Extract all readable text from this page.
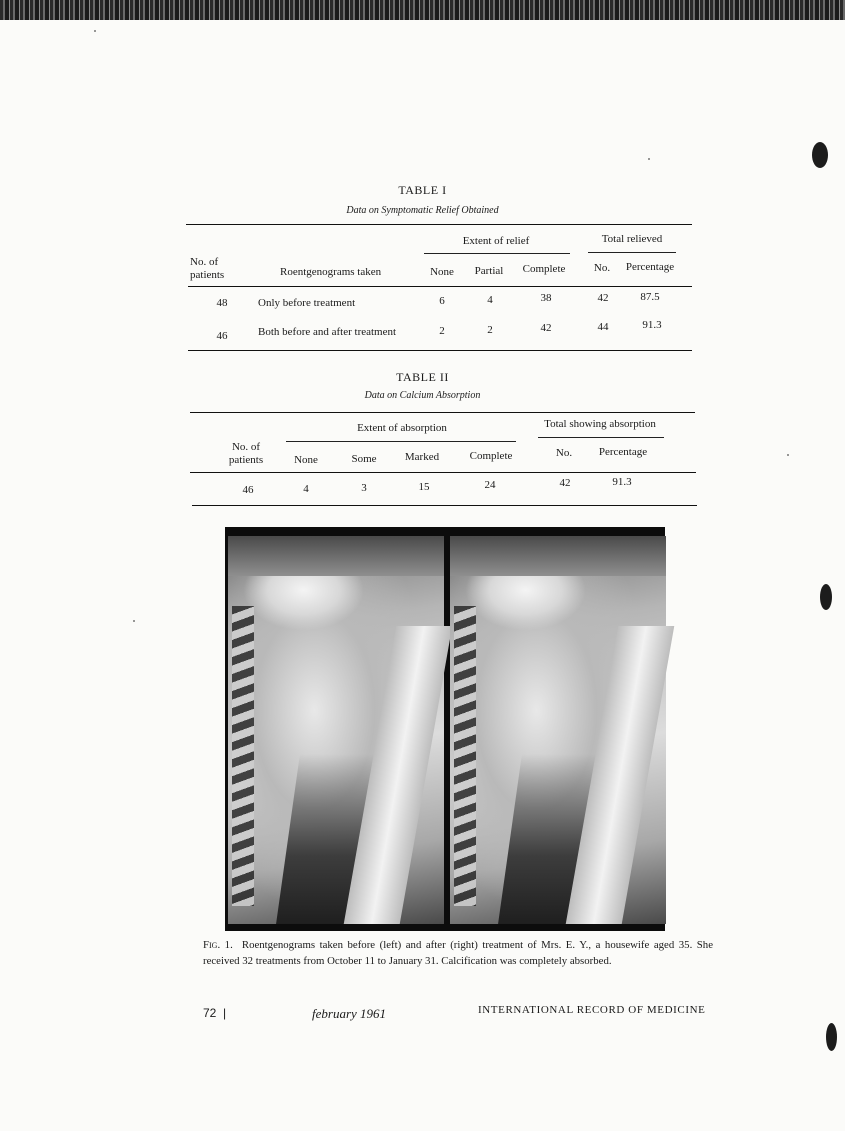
TABLE I
Data on Symptomatic Relief Obtained
Extent of relief	Total relieved
No. of
patients	Roentgenograms taken	None	Partial	Complete	No.	Percentage
48	Only before treatment	6	4	38	42	87.5
46	Both before and after treatment	2	2	42	44	91.3
TABLE II
Data on Calcium Absorption
Extent of absorption	Total showing absorption
No. of
patients	None	Some	Marked	Complete	No.	Percentage
46	4	3	15	24	42	91.3
Fig. 1. Roentgenograms taken before (left) and after (right) treatment of Mrs. E. Y., a housewife aged 35. She received 32 treatments from October 11 to January 31. Calcification was completely absorbed.
72  |	february 1961	INTERNATIONAL RECORD OF MEDICINE
